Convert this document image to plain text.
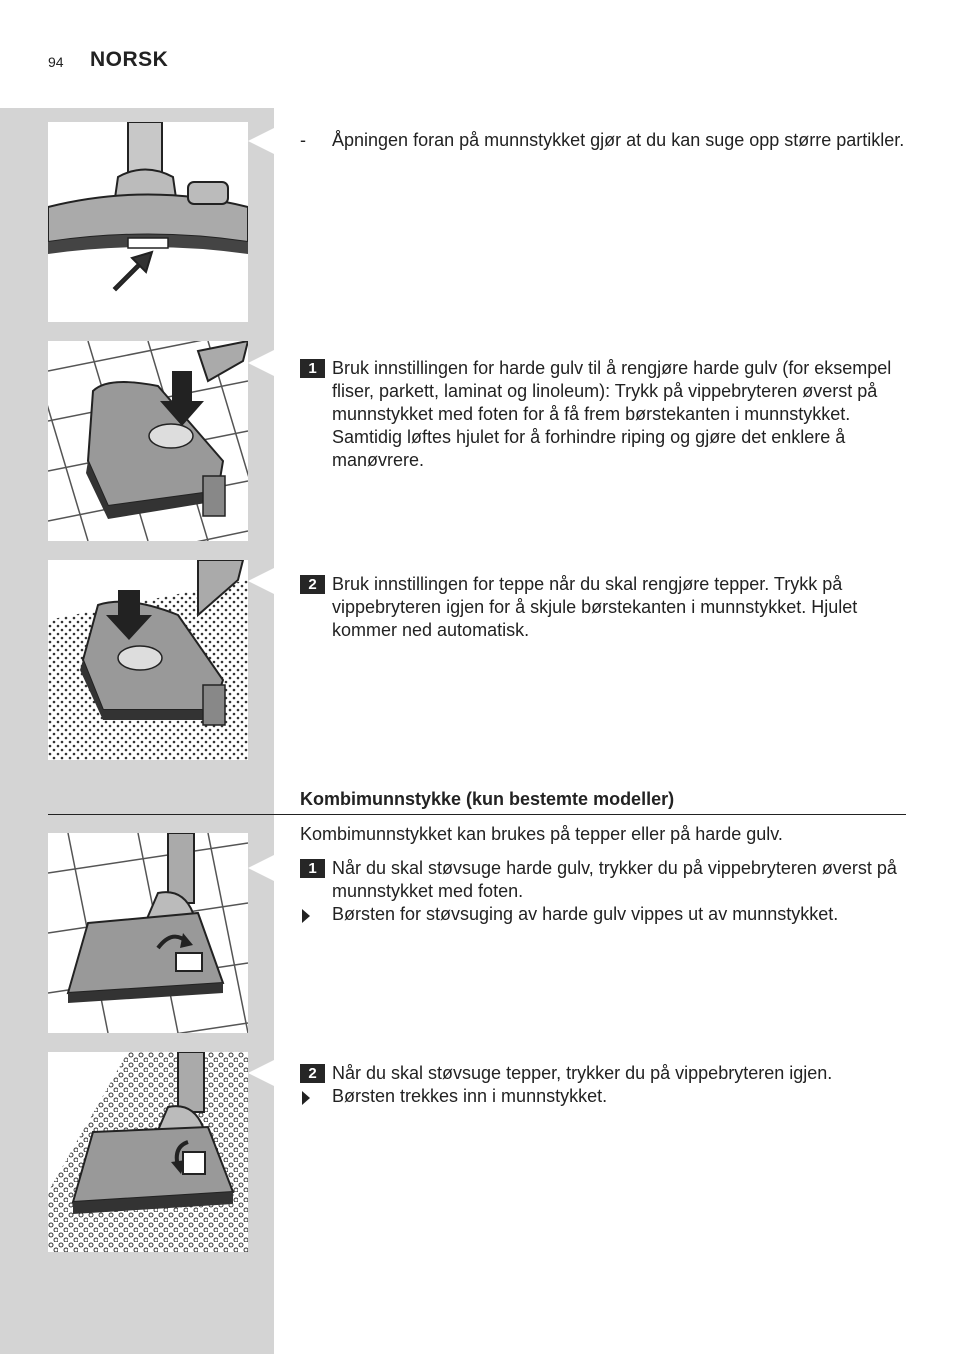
94 NORSK
- Åpningen foran på munnstykket gjør at du kan suge opp større partikler.
1 Bruk innstillingen for harde gulv til å rengjøre harde gulv (for eksempel fliser, parkett, laminat og linoleum): Trykk på vippebryteren øverst på munnstykket med foten for å få frem børstekanten i munnstykket. Samtidig løftes hjulet for å forhindre riping og gjøre det enklere å manøvrere.
2 Bruk innstillingen for teppe når du skal rengjøre tepper. Trykk på vippebryteren igjen for å skjule børstekanten i munnstykket. Hjulet kommer ned automatisk.
Kombimunnstykke (kun bestemte modeller)
Kombimunnstykket kan brukes på tepper eller på harde gulv.
1 Når du skal støvsuge harde gulv, trykker du på vippebryteren øverst på munnstykket med foten.
Børsten for støvsuging av harde gulv vippes ut av munnstykket.
2 Når du skal støvsuge tepper, trykker du på vippebryteren igjen.
Børsten trekkes inn i munnstykket.
